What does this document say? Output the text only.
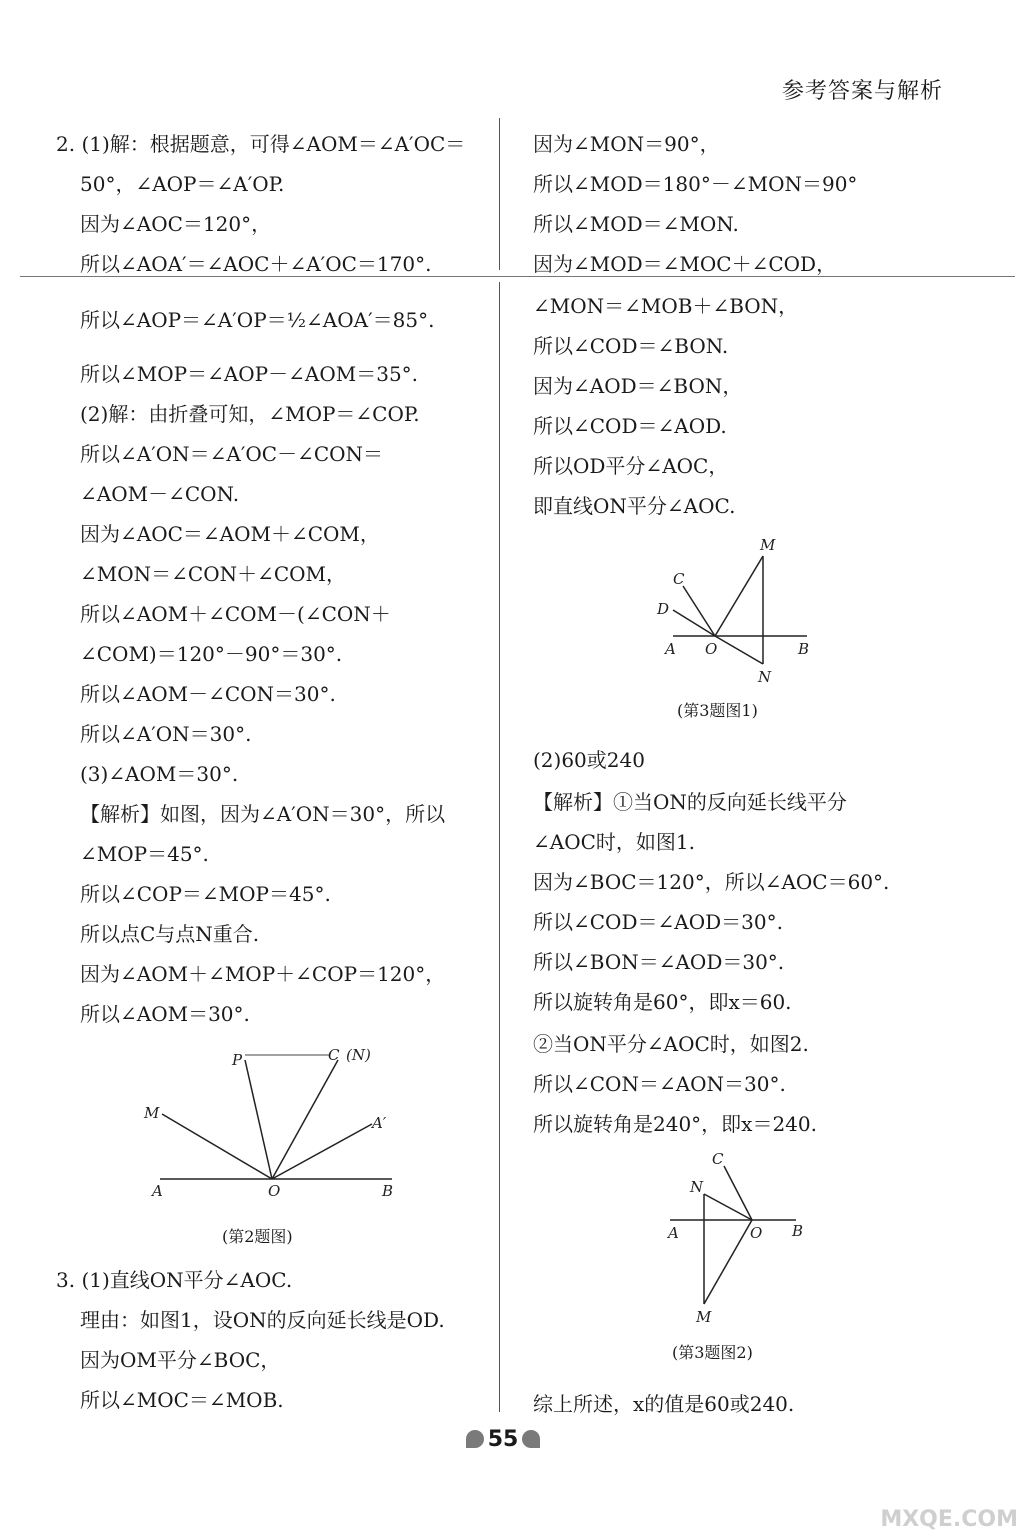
参考答案与解析
2. (1)解：根据题意，可得∠AOM＝∠A′OC＝
50°，∠AOP＝∠A′OP.
因为∠AOC＝120°，
所以∠AOA′＝∠AOC＋∠A′OC＝170°.
因为∠MON＝90°，
所以∠MOD＝180°－∠MON＝90°
所以∠MOD＝∠MON.
因为∠MOD＝∠MOC＋∠COD，
所以∠AOP＝∠A′OP＝½∠AOA′＝85°.
所以∠MOP＝∠AOP－∠AOM＝35°.
(2)解：由折叠可知，∠MOP＝∠COP.
所以∠A′ON＝∠A′OC－∠CON＝
∠AOM－∠CON.
因为∠AOC＝∠AOM＋∠COM，
∠MON＝∠CON＋∠COM，
所以∠AOM＋∠COM－(∠CON＋
∠COM)＝120°－90°＝30°.
所以∠AOM－∠CON＝30°.
所以∠A′ON＝30°.
(3)∠AOM＝30°.
【解析】如图，因为∠A′ON＝30°，所以
∠MOP＝45°.
所以∠COP＝∠MOP＝45°.
所以点C与点N重合.
因为∠AOM＋∠MOP＋∠COP＝120°，
所以∠AOM＝30°.
P	C (N)
M
A′
A	O	B
(第2题图)
3. (1)直线ON平分∠AOC.
理由：如图1，设ON的反向延长线是OD.
因为OM平分∠BOC，
所以∠MOC＝∠MOB.
∠MON＝∠MOB＋∠BON，
所以∠COD＝∠BON.
因为∠AOD＝∠BON，
所以∠COD＝∠AOD.
所以OD平分∠AOC，
即直线ON平分∠AOC.
M
C
D
A O	B
N
(第3题图1)
(2)60或240
【解析】①当ON的反向延长线平分
∠AOC时，如图1.
因为∠BOC＝120°，所以∠AOC＝60°.
所以∠COD＝∠AOD＝30°.
所以∠BON＝∠AOD＝30°.
所以旋转角是60°，即x＝60.
②当ON平分∠AOC时，如图2.
所以∠CON＝∠AON＝30°.
所以旋转角是240°，即x＝240.
C
N
A	O B
M
(第3题图2)
综上所述，x的值是60或240.
55
MXQE.COM
